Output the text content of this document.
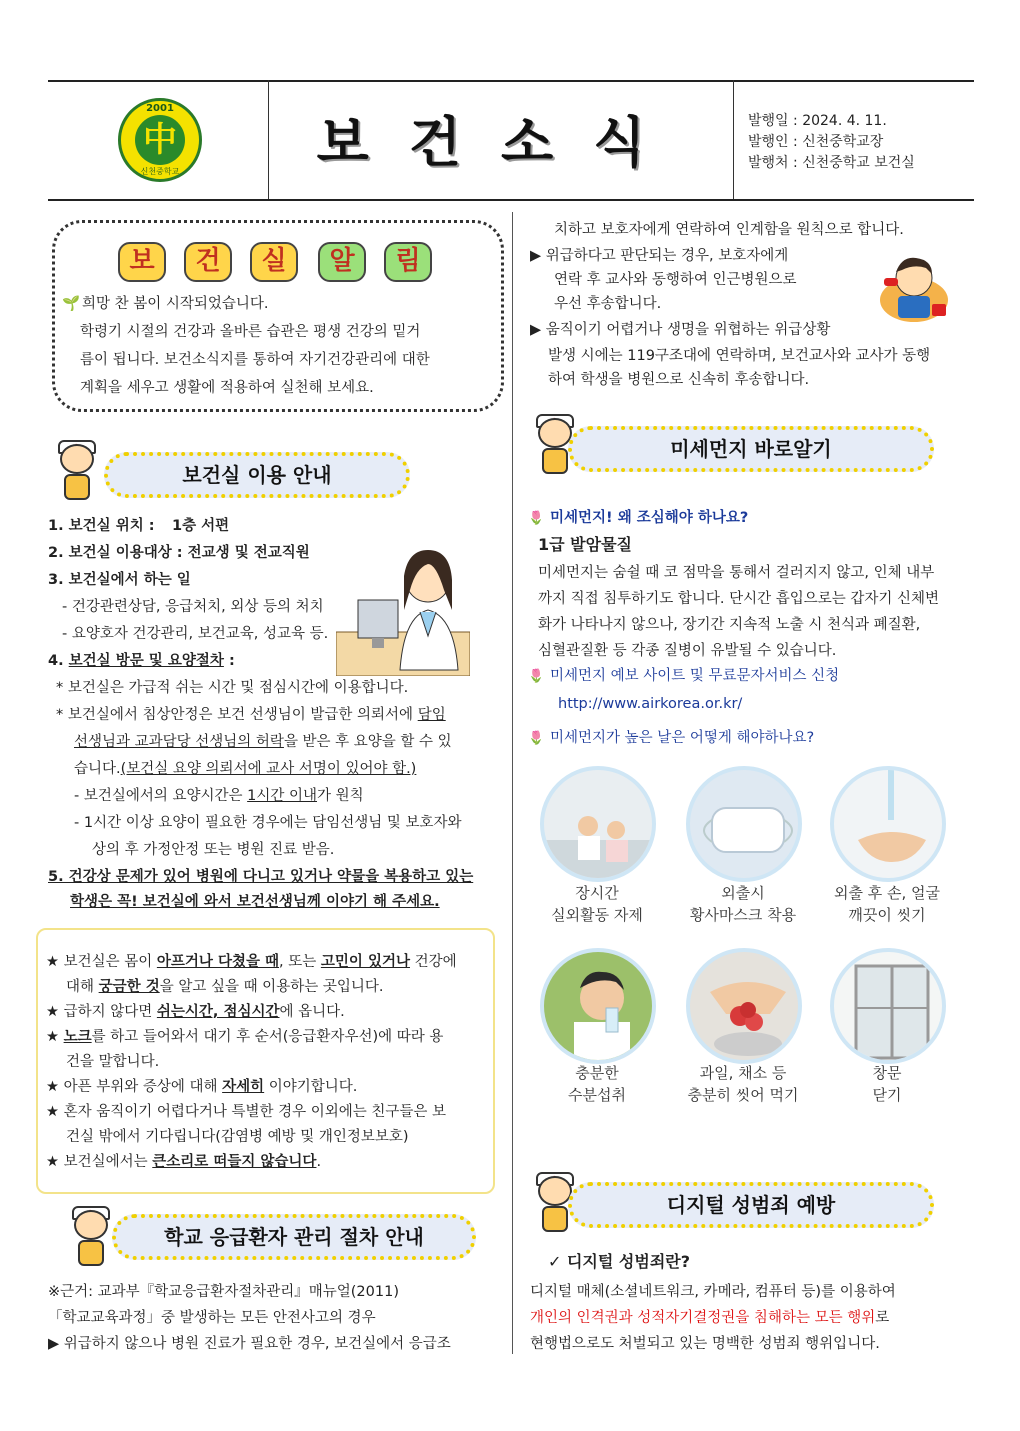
2001
中
신천중학교	보건소식	발행일 : 2024. 4. 11.
발행인 : 신천중학교장
발행처 : 신천중학교 보건실
보	건	실	알	림
🌱 희망 찬 봄이 시작되었습니다.
학령기 시절의 건강과 올바른 습관은 평생 건강의 밑거
름이 됩니다. 보건소식지를 통하여 자기건강관리에 대한
계획을 세우고 생활에 적용하여 실천해 보세요.
보건실 이용 안내
1. 보건실 위치 : 1층 서편
2. 보건실 이용대상 : 전교생 및 전교직원
3. 보건실에서 하는 일
- 건강관련상담, 응급처치, 외상 등의 처치
- 요양호자 건강관리, 보건교육, 성교육 등.
4. 보건실 방문 및 요양절차 :
* 보건실은 가급적 쉬는 시간 및 점심시간에 이용합니다.
* 보건실에서 침상안정은 보건 선생님이 발급한 의뢰서에 담임
선생님과 교과담당 선생님의 허락을 받은 후 요양을 할 수 있
습니다.(보건실 요양 의뢰서에 교사 서명이 있어야 함.)
- 보건실에서의 요양시간은 1시간 이내가 원칙
- 1시간 이상 요양이 필요한 경우에는 담임선생님 및 보호자와
상의 후 가정안정 또는 병원 진료 받음.
5. 건강상 문제가 있어 병원에 다니고 있거나 약물을 복용하고 있는
학생은 꼭! 보건실에 와서 보건선생님께 이야기 해 주세요.
★ 보건실은 몸이 아프거나 다쳤을 때, 또는 고민이 있거나 건강에
대해 궁금한 것을 알고 싶을 때 이용하는 곳입니다.
★ 급하지 않다면 쉬는시간, 점심시간에 옵니다.
★ 노크를 하고 들어와서 대기 후 순서(응급환자우선)에 따라 용
건을 말합니다.
★ 아픈 부위와 증상에 대해 자세히 이야기합니다.
★ 혼자 움직이기 어렵다거나 특별한 경우 이외에는 친구들은 보
건실 밖에서 기다립니다(감염병 예방 및 개인정보보호)
★ 보건실에서는 큰소리로 떠들지 않습니다.
학교 응급환자 관리 절차 안내
※근거: 교과부『학교응급환자절차관리』매뉴얼(2011)
「학교교육과정」중 발생하는 모든 안전사고의 경우
▶ 위급하지 않으나 병원 진료가 필요한 경우, 보건실에서 응급조
치하고 보호자에게 연락하여 인계함을 원칙으로 합니다.
▶ 위급하다고 판단되는 경우, 보호자에게
연락 후 교사와 동행하여 인근병원으로
우선 후송합니다.
▶ 움직이기 어렵거나 생명을 위협하는 위급상황
발생 시에는 119구조대에 연락하며, 보건교사와 교사가 동행
하여 학생을 병원으로 신속히 후송합니다.
미세먼지 바로알기
🌷 미세먼지! 왜 조심해야 하나요?
1급 발암물질
미세먼지는 숨쉴 때 코 점막을 통해서 걸러지지 않고, 인체 내부
까지 직접 침투하기도 합니다. 단시간 흡입으로는 갑자기 신체변
화가 나타나지 않으나, 장기간 지속적 노출 시 천식과 폐질환,
심혈관질환 등 각종 질병이 유발될 수 있습니다.
🌷 미세먼지 예보 사이트 및 무료문자서비스 신청
http://www.airkorea.or.kr/
🌷 미세먼지가 높은 날은 어떻게 해야하나요?
장시간
실외활동 자제
외출시
황사마스크 착용
외출 후 손, 얼굴
깨끗이 씻기
충분한
수분섭취
과일, 채소 등
충분히 씻어 먹기
창문
닫기
디지털 성범죄 예방
✓ 디지털 성범죄란?
디지털 매체(소셜네트워크, 카메라, 컴퓨터 등)를 이용하여
개인의 인격권과 성적자기결정권을 침해하는 모든 행위로
현행법으로도 처벌되고 있는 명백한 성범죄 행위입니다.
